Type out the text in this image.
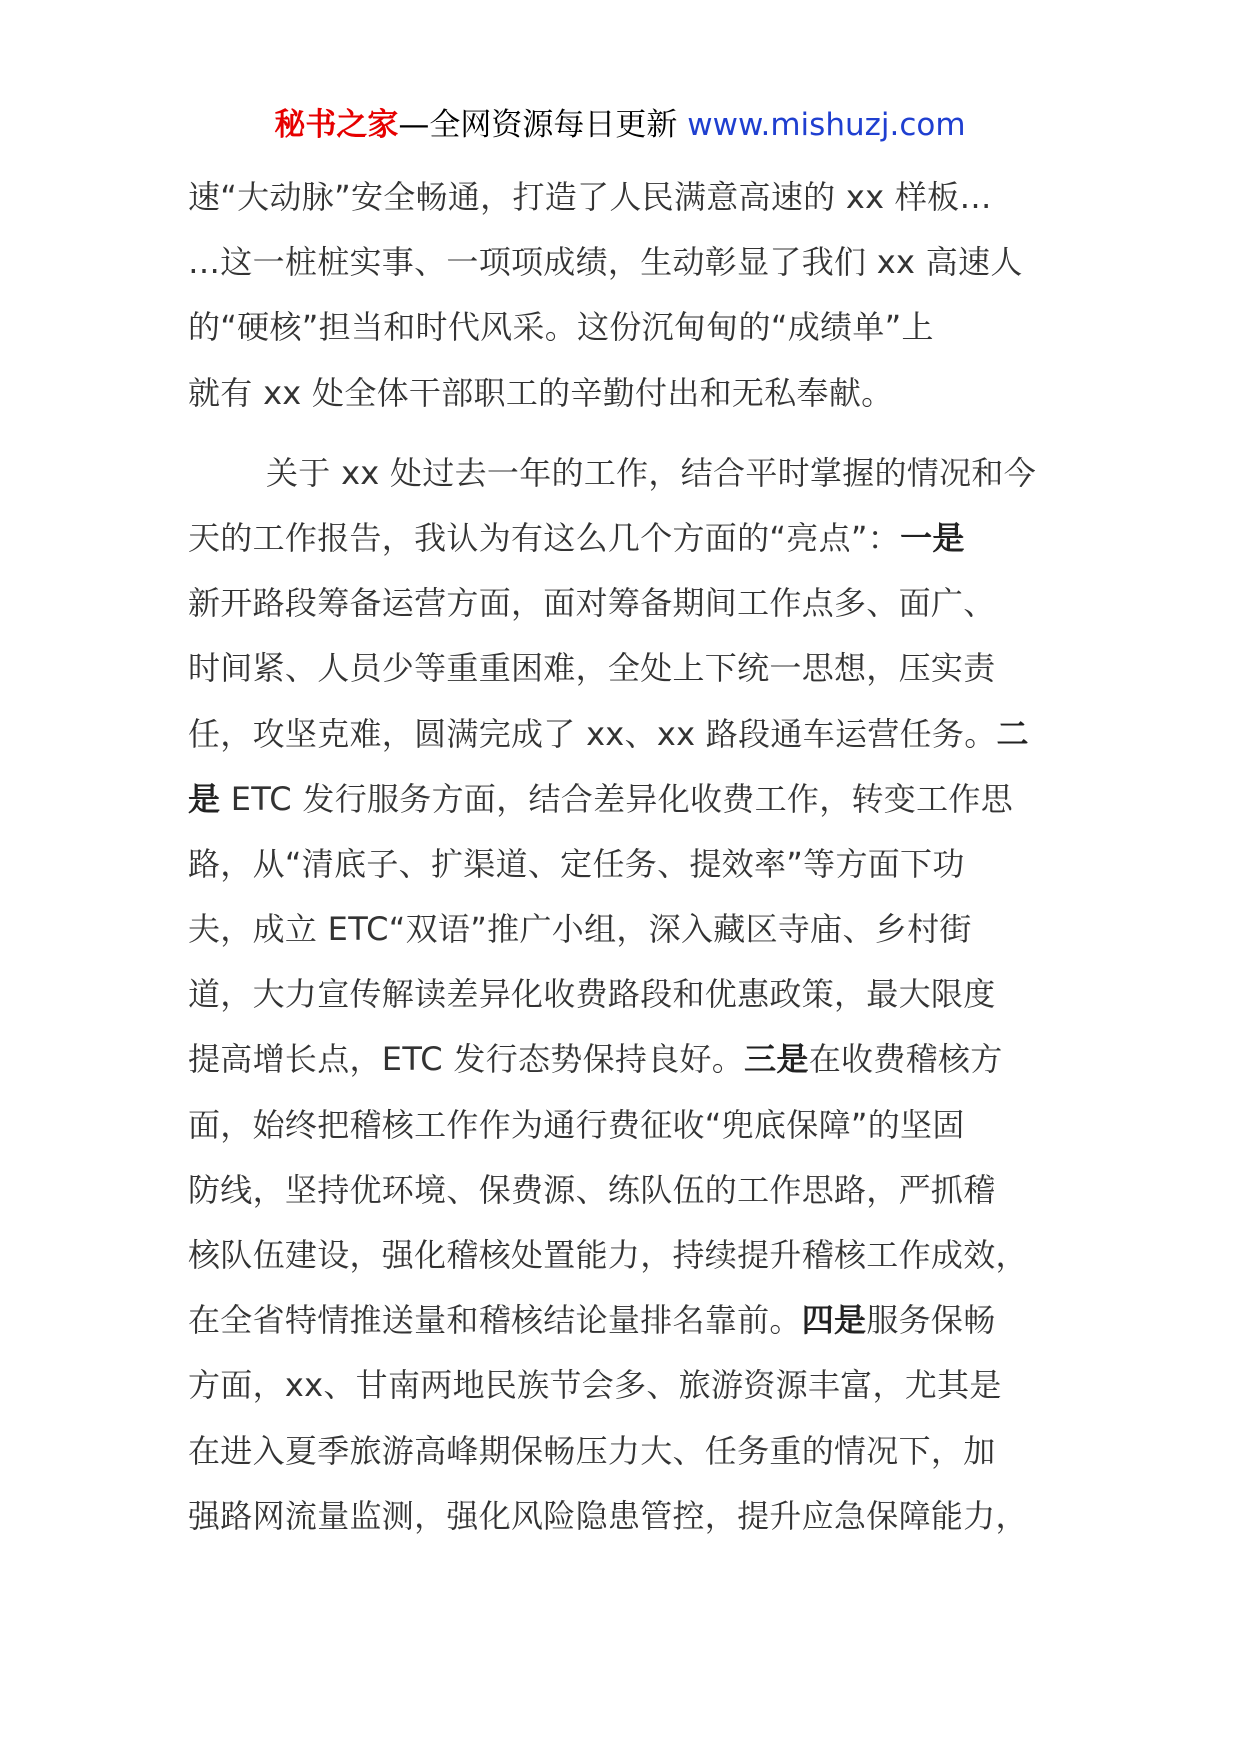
秘书之家—全网资源每日更新 www.mishuzj.com
速“大动脉”安全畅通，打造了人民满意高速的 xx 样板…
…这一桩桩实事、一项项成绩，生动彰显了我们 xx 高速人
的“硬核”担当和时代风采。这份沉甸甸的“成绩单”上
就有 xx 处全体干部职工的辛勤付出和无私奉献。
关于 xx 处过去一年的工作，结合平时掌握的情况和今
天的工作报告，我认为有这么几个方面的“亮点”：一是
新开路段筹备运营方面，面对筹备期间工作点多、面广、
时间紧、人员少等重重困难，全处上下统一思想，压实责
任，攻坚克难，圆满完成了 xx、xx 路段通车运营任务。二
是 ETC 发行服务方面，结合差异化收费工作，转变工作思
路，从“清底子、扩渠道、定任务、提效率”等方面下功
夫，成立 ETC“双语”推广小组，深入藏区寺庙、乡村街
道，大力宣传解读差异化收费路段和优惠政策，最大限度
提高增长点，ETC 发行态势保持良好。三是在收费稽核方
面，始终把稽核工作作为通行费征收“兜底保障”的坚固
防线，坚持优环境、保费源、练队伍的工作思路，严抓稽
核队伍建设，强化稽核处置能力，持续提升稽核工作成效，
在全省特情推送量和稽核结论量排名靠前。四是服务保畅
方面，xx、甘南两地民族节会多、旅游资源丰富，尤其是
在进入夏季旅游高峰期保畅压力大、任务重的情况下，加
强路网流量监测，强化风险隐患管控，提升应急保障能力，
